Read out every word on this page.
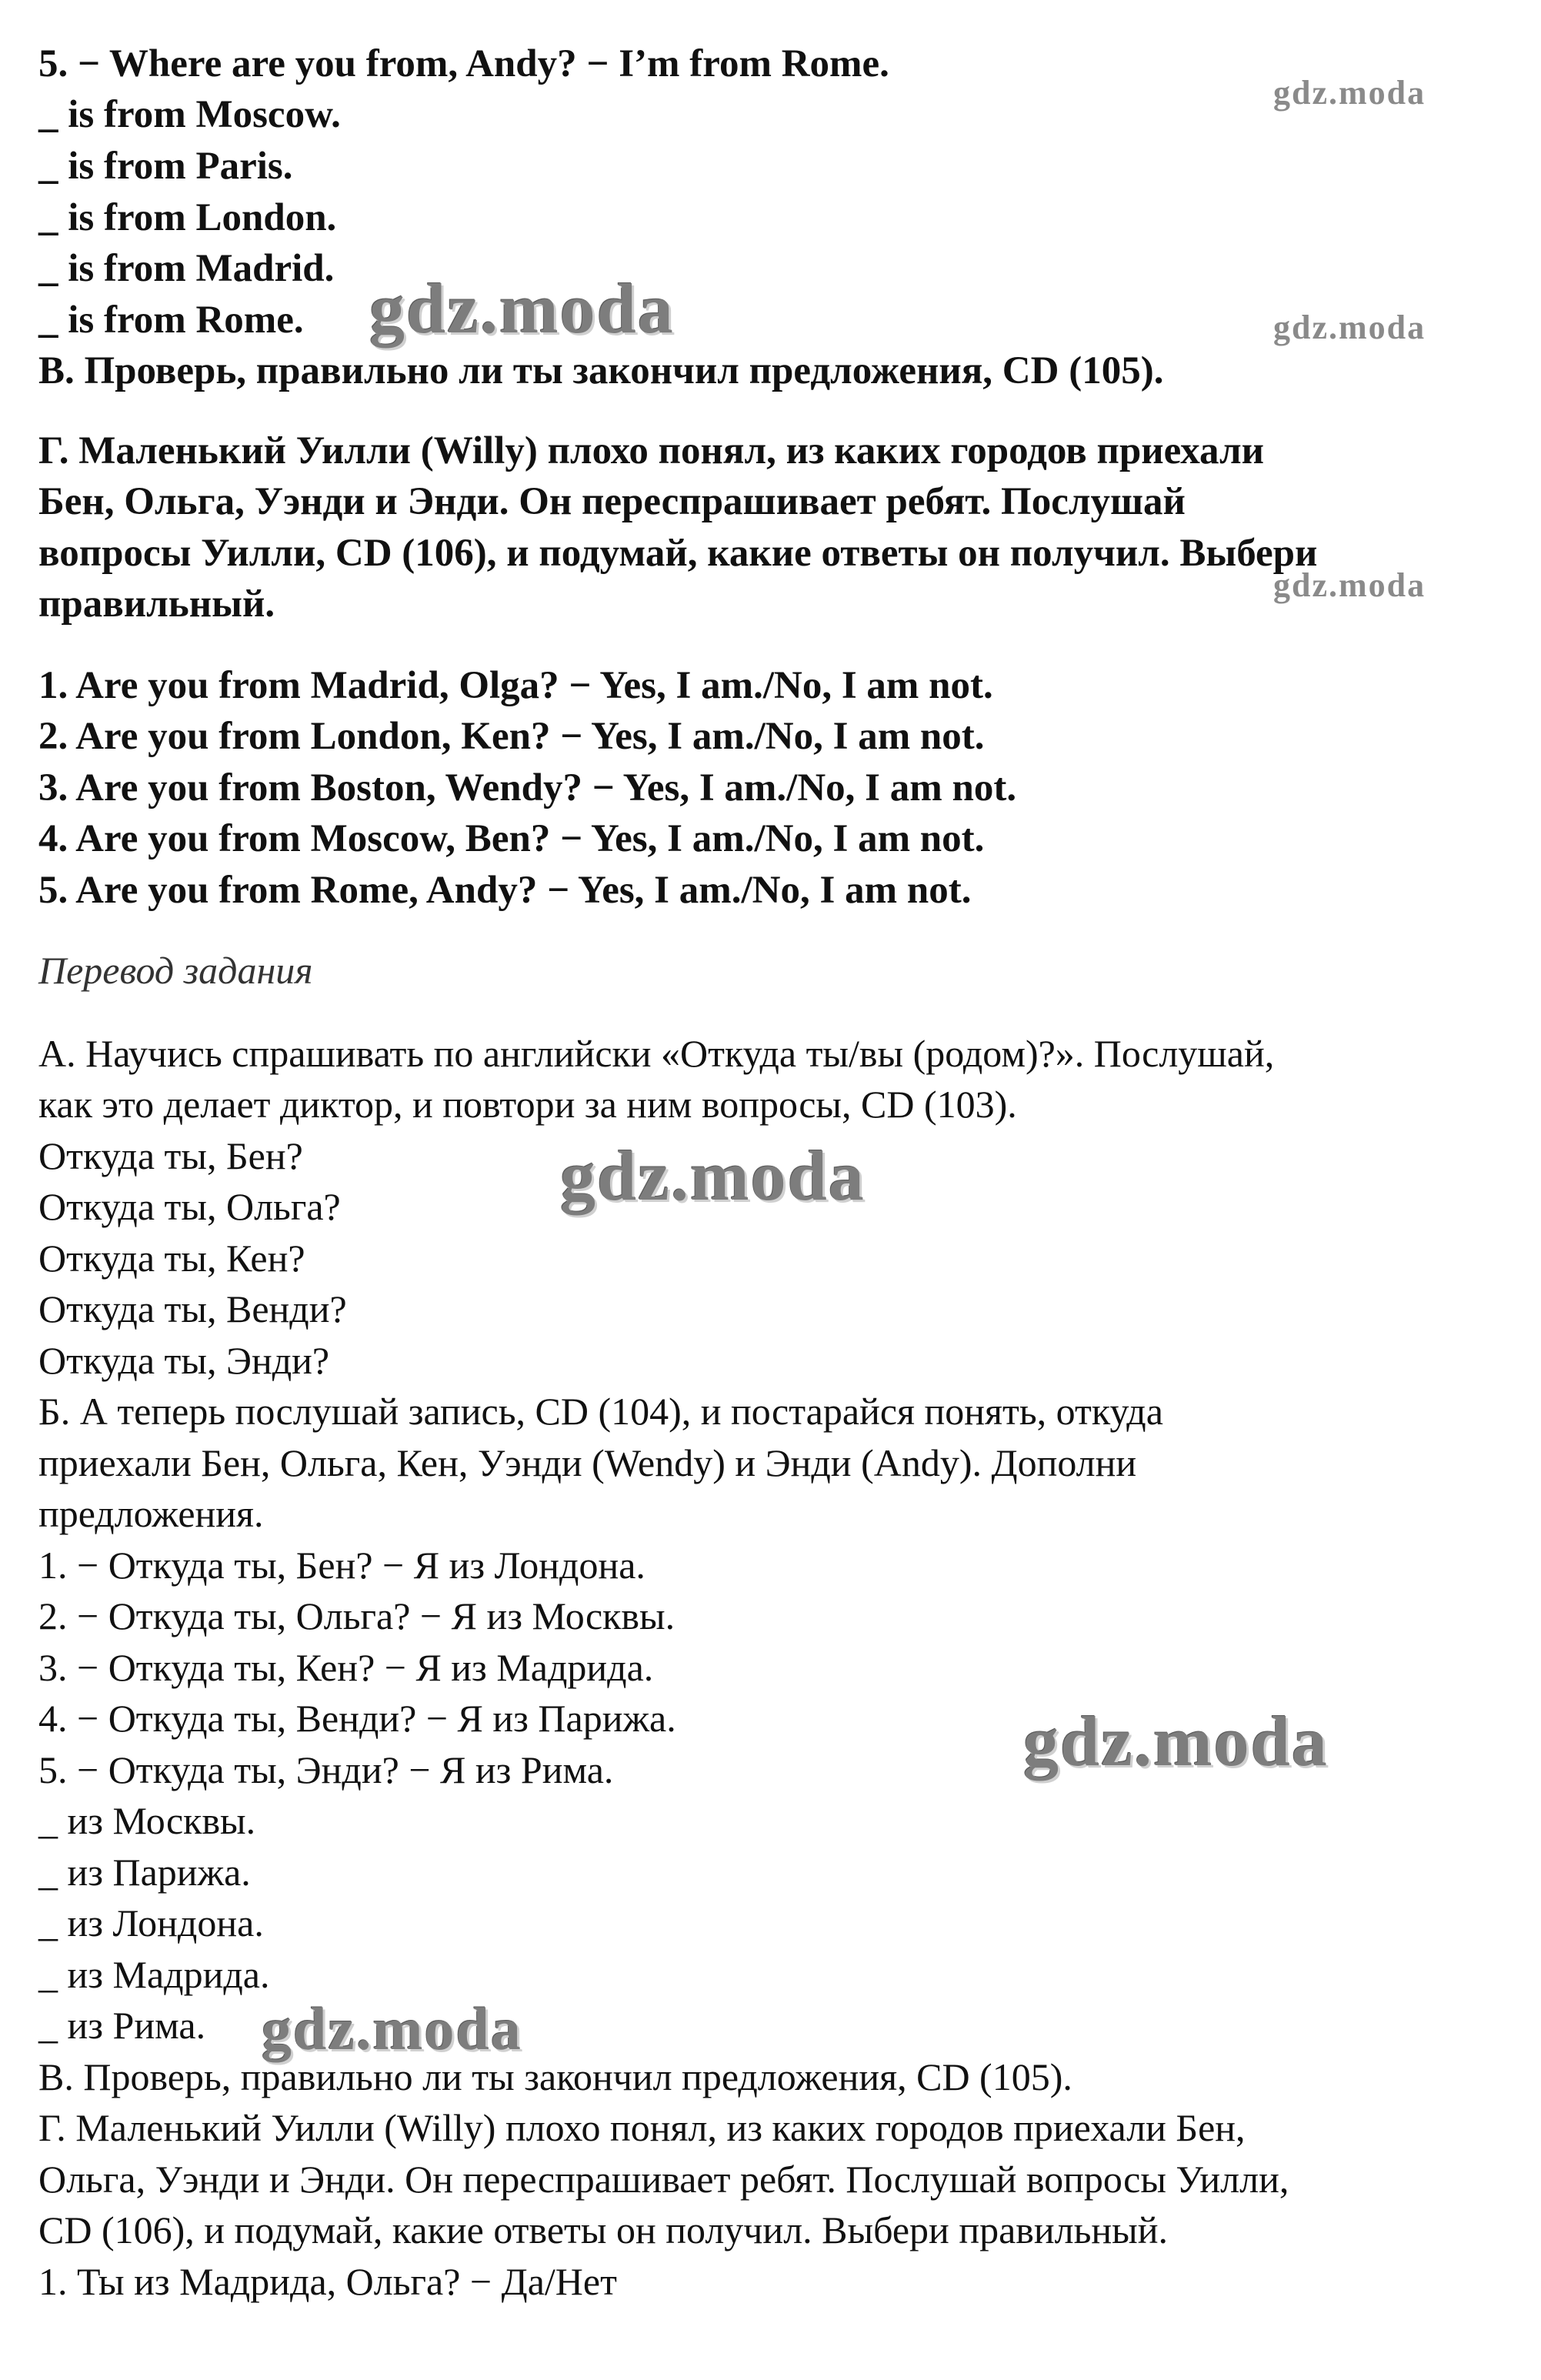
5. − Where are you from, Andy? − I’m from Rome.
_ is from Moscow.
_ is from Paris.
_ is from London.
_ is from Madrid.
_ is from Rome.
В. Проверь, правильно ли ты закончил предложения, CD (105).
Г. Маленький Уилли (Willy) плохо понял, из каких городов приехали
Бен, Ольга, Уэнди и Энди. Он переспрашивает ребят. Послушай
вопросы Уилли, CD (106), и подумай, какие ответы он получил. Выбери
правильный.
1. Are you from Madrid, Olga? − Yes, I am./No, I am not.
2. Are you from London, Ken? − Yes, I am./No, I am not.
3. Are you from Boston, Wendy? − Yes, I am./No, I am not.
4. Are you from Moscow, Ben? − Yes, I am./No, I am not.
5. Are you from Rome, Andy? − Yes, I am./No, I am not.
Перевод задания
А. Научись спрашивать по английски «Откуда ты/вы (родом)?». Послушай,
как это делает диктор, и повтори за ним вопросы, CD (103).
Откуда ты, Бен?
Откуда ты, Ольга?
Откуда ты, Кен?
Откуда ты, Венди?
Откуда ты, Энди?
Б. А теперь послушай запись, CD (104), и постарайся понять, откуда
приехали Бен, Ольга, Кен, Уэнди (Wendy) и Энди (Andy). Дополни
предложения.
1. − Откуда ты, Бен? − Я из Лондона.
2. − Откуда ты, Ольга? − Я из Москвы.
3. − Откуда ты, Кен? − Я из Мадрида.
4. − Откуда ты, Венди? − Я из Парижа.
5. − Откуда ты, Энди? − Я из Рима.
_ из Москвы.
_ из Парижа.
_ из Лондона.
_ из Мадрида.
_ из Рима.
В. Проверь, правильно ли ты закончил предложения, CD (105).
Г. Маленький Уилли (Willy) плохо понял, из каких городов приехали Бен,
Ольга, Уэнди и Энди. Он переспрашивает ребят. Послушай вопросы Уилли,
CD (106), и подумай, какие ответы он получил. Выбери правильный.
1. Ты из Мадрида, Ольга? − Да/Нет
gdz.moda
gdz.moda
gdz.moda
gdz.moda
gdz.moda
gdz.moda
gdz.moda
